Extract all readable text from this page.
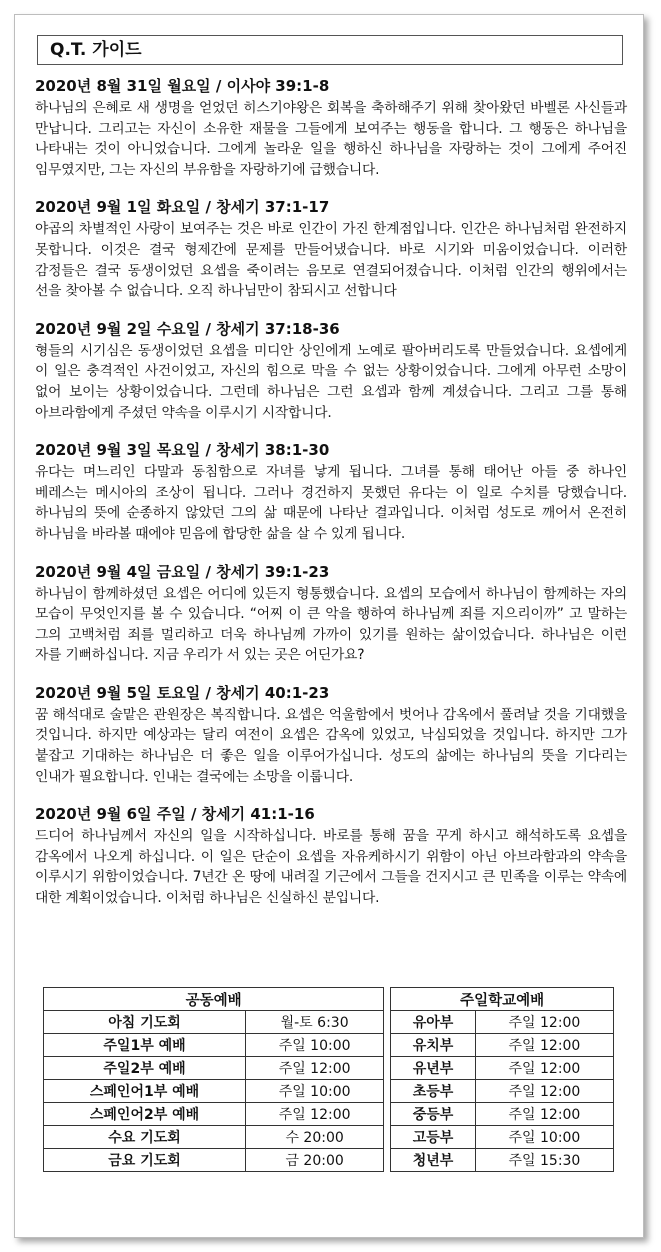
Q.T. 가이드
2020년 8월 31일 월요일 / 이사야 39:1-8
하나님의 은혜로 새 생명을 얻었던 히스기야왕은 회복을 축하해주기 위해 찾아왔던 바벨론 사신들과 만납니다. 그리고는 자신이 소유한 재물을 그들에게 보여주는 행동을 합니다. 그 행동은 하나님을 나타내는 것이 아니었습니다. 그에게 놀라운 일을 행하신 하나님을 자랑하는 것이 그에게 주어진 임무였지만, 그는 자신의 부유함을 자랑하기에 급했습니다.
2020년 9월 1일 화요일 / 창세기 37:1-17
야곱의 차별적인 사랑이 보여주는 것은 바로 인간이 가진 한계점입니다. 인간은 하나님처럼 완전하지 못합니다. 이것은 결국 형제간에 문제를 만들어냈습니다. 바로 시기와 미움이었습니다. 이러한 감정들은 결국 동생이었던 요셉을 죽이려는 음모로 연결되어졌습니다. 이처럼 인간의 행위에서는 선을 찾아볼 수 없습니다. 오직 하나님만이 참되시고 선합니다
2020년 9월 2일 수요일 / 창세기 37:18-36
형들의 시기심은 동생이었던 요셉을 미디안 상인에게 노예로 팔아버리도록 만들었습니다. 요셉에게 이 일은 충격적인 사건이었고, 자신의 힘으로 막을 수 없는 상황이었습니다. 그에게 아무런 소망이 없어 보이는 상황이었습니다. 그런데 하나님은 그런 요셉과 함께 계셨습니다. 그리고 그를 통해 아브라함에게 주셨던 약속을 이루시기 시작합니다.
2020년 9월 3일 목요일 / 창세기 38:1-30
유다는 며느리인 다말과 동침함으로 자녀를 낳게 됩니다. 그녀를 통해 태어난 아들 중 하나인 베레스는 메시아의 조상이 됩니다. 그러나 경건하지 못했던 유다는 이 일로 수치를 당했습니다. 하나님의 뜻에 순종하지 않았던 그의 삶 때문에 나타난 결과입니다. 이처럼 성도로 깨어서 온전히 하나님을 바라볼 때에야 믿음에 합당한 삶을 살 수 있게 됩니다.
2020년 9월 4일 금요일 / 창세기 39:1-23
하나님이 함께하셨던 요셉은 어디에 있든지 형통했습니다. 요셉의 모습에서 하나님이 함께하는 자의 모습이 무엇인지를 볼 수 있습니다. “어찌 이 큰 악을 행하여 하나님께 죄를 지으리이까” 고 말하는 그의 고백처럼 죄를 멀리하고 더욱 하나님께 가까이 있기를 원하는 삶이었습니다. 하나님은 이런 자를 기뻐하십니다. 지금 우리가 서 있는 곳은 어딘가요?
2020년 9월 5일 토요일 / 창세기 40:1-23
꿈 해석대로 술맡은 관원장은 복직합니다. 요셉은 억울함에서 벗어나 감옥에서 풀려날 것을 기대했을 것입니다. 하지만 예상과는 달리 여전이 요셉은 감옥에 있었고, 낙심되었을 것입니다. 하지만 그가 붙잡고 기대하는 하나님은 더 좋은 일을 이루어가십니다. 성도의 삶에는 하나님의 뜻을 기다리는 인내가 필요합니다. 인내는 결국에는 소망을 이룹니다.
2020년 9월 6일 주일 / 창세기 41:1-16
드디어 하나님께서 자신의 일을 시작하십니다. 바로를 통해 꿈을 꾸게 하시고 해석하도록 요셉을 감옥에서 나오게 하십니다. 이 일은 단순이 요셉을 자유케하시기 위함이 아닌 아브라함과의 약속을 이루시기 위함이었습니다. 7년간 온 땅에 내려질 기근에서 그들을 건지시고 큰 민족을 이루는 약속에 대한 계획이었습니다. 이처럼 하나님은 신실하신 분입니다.
공동예배			주일학교예배	
아침 기도회	월-토 6:30		유아부	주일 12:00
주일1부 예배	주일 10:00		유치부	주일 12:00
주일2부 예배	주일 12:00		유년부	주일 12:00
스페인어1부 예배	주일 10:00		초등부	주일 12:00
스페인어2부 예배	주일 12:00		중등부	주일 12:00
수요 기도회	수 20:00		고등부	주일 10:00
금요 기도회	금 20:00		청년부	주일 15:30
